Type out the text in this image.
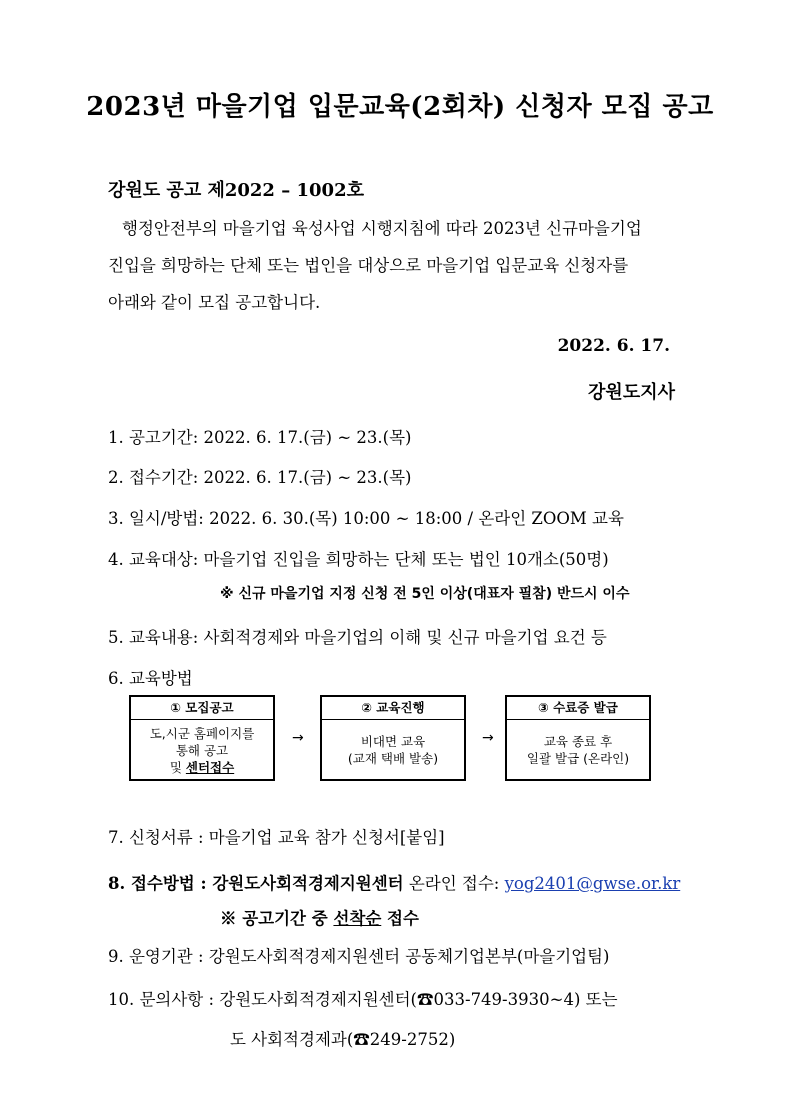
2023년 마을기업 입문교육(2회차) 신청자 모집 공고
강원도 공고 제2022 – 1002호
행정안전부의 마을기업 육성사업 시행지침에 따라 2023년 신규마을기업
진입을 희망하는 단체 또는 법인을 대상으로 마을기업 입문교육 신청자를
아래와 같이 모집 공고합니다.
2022. 6. 17.
강원도지사
1. 공고기간: 2022. 6. 17.(금) ~ 23.(목)
2. 접수기간: 2022. 6. 17.(금) ~ 23.(목)
3. 일시/방법: 2022. 6. 30.(목) 10:00 ~ 18:00 / 온라인 ZOOM 교육
4. 교육대상: 마을기업 진입을 희망하는 단체 또는 법인 10개소(50명)
※ 신규 마을기업 지정 신청 전 5인 이상(대표자 필참) 반드시 이수
5. 교육내용: 사회적경제와 마을기업의 이해 및 신규 마을기업 요건 등
6. 교육방법
① 모집공고
도,시군 홈페이지를
통해 공고
및 센터접수
→
② 교육진행
비대면 교육
(교재 택배 발송)
→
③ 수료증 발급
교육 종료 후
일괄 발급 (온라인)
7. 신청서류 : 마을기업 교육 참가 신청서[붙임]
8. 접수방법 : 강원도사회적경제지원센터 온라인 접수: yog2401@gwse.or.kr
※ 공고기간 중 선착순 접수
9. 운영기관 : 강원도사회적경제지원센터 공동체기업본부(마을기업팀)
10. 문의사항 : 강원도사회적경제지원센터(☎033-749-3930~4) 또는
도 사회적경제과(☎249-2752)
